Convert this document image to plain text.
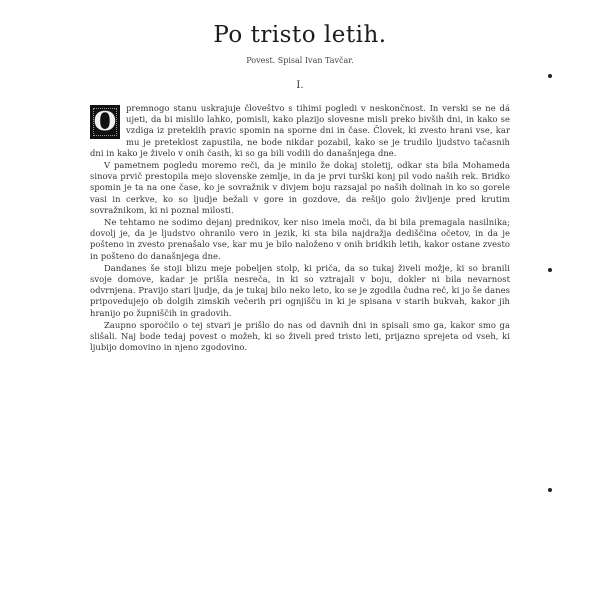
Po tristo letih.
Povest. Spisal Ivan Tavčar.
I.

O	premnogo stanu uskrajuje človeštvo s tihimi pogledi v neskončnost. In verski se ne dá ujeti, da bi mislilo lahko, pomisli, kako plazijo slovesne misli preko bivših dni, in kako se vzdiga iz preteklih pravic spomin na sporne dni in čase. Človek, ki zvesto hrani vse, kar mu je preteklost zapustila, ne bode nikdar pozabil, kako se je trudilo ljudstvo tačasnih dni in kako je živelo v onih časih, ki so ga bili vodili do današnjega dne.

V pametnem pogledu moremo reči, da je minilo že dokaj stoletij, odkar sta bila Mohameda sinova prvič prestopila mejo slovenske zemlje, in da je prvi turški konj pil vodo naših rek. Bridko spomin je ta na one čase, ko je sovražnik v divjem boju razsajal po naših dolinah in ko so gorele vasi in cerkve, ko so ljudje bežali v gore in gozdove, da rešijo golo življenje pred krutim sovražnikom, ki ni poznal milosti.

Ne tehtamo ne sodimo dejanj prednikov, ker niso imela moči, da bi bila premagala nasilnika; dovolj je, da je ljudstvo ohranilo vero in jezik, ki sta bila najdražja dediščina očetov, in da je pošteno in zvesto prenašalo vse, kar mu je bilo naloženo v onih bridkih letih, kakor ostane zvesto in pošteno do današnjega dne.

Dandanes še stoji blizu meje pobeljen stolp, ki priča, da so tukaj živeli možje, ki so branili svoje domove, kadar je prišla nesreča, in ki so vztrajali v boju, dokler ni bila nevarnost odvrnjena. Pravijo stari ljudje, da je tukaj bilo neko leto, ko se je zgodila čudna reč, ki jo še danes pripovedujejo ob dolgih zimskih večerih pri ognjišču in ki je spisana v starih bukvah, kakor jih hranijo po župniščih in gradovih.

Zaupno sporočilo o tej stvari je prišlo do nas od davnih dni in spisali smo ga, kakor smo ga slišali. Naj bode tedaj povest o možeh, ki so živeli pred tristo leti, prijazno sprejeta od vseh, ki ljubijo domovino in njeno zgodovino.
